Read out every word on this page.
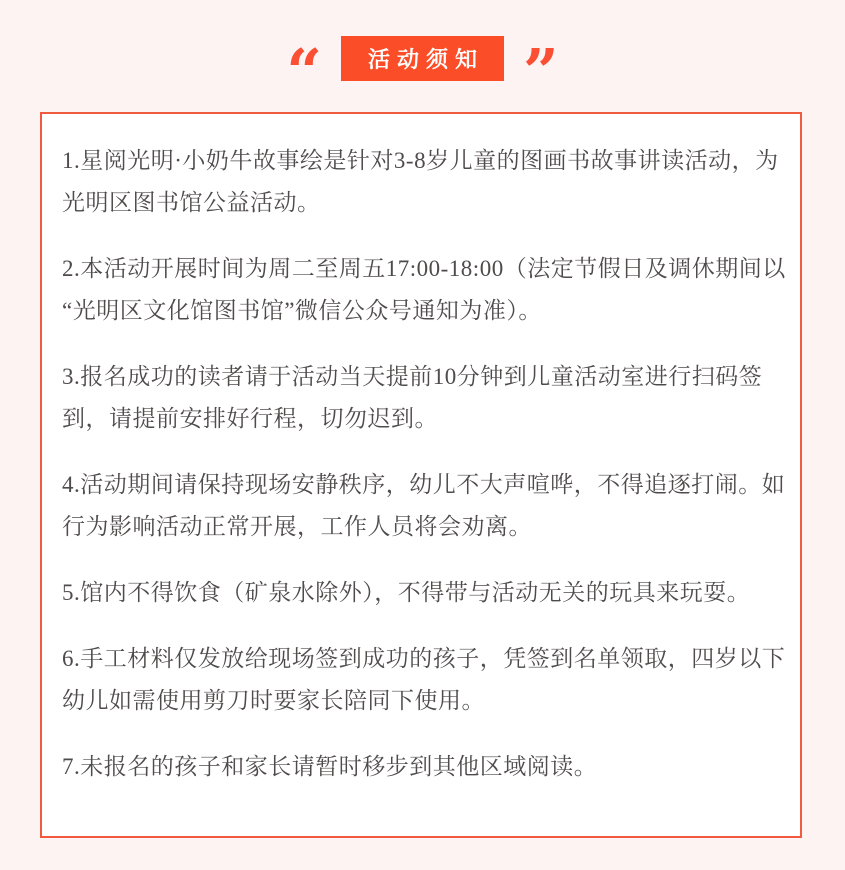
“	活动须知 ”

1.星阅光明·小奶牛故事绘是针对3-8岁儿童的图画书故事讲读活动，为光明区图书馆公益活动。

2.本活动开展时间为周二至周五17:00-18:00（法定节假日及调休期间以“光明区文化馆图书馆”微信公众号通知为准）。

3.报名成功的读者请于活动当天提前10分钟到儿童活动室进行扫码签到，请提前安排好行程，切勿迟到。

4.活动期间请保持现场安静秩序，幼儿不大声喧哗，不得追逐打闹。如行为影响活动正常开展，工作人员将会劝离。

5.馆内不得饮食（矿泉水除外），不得带与活动无关的玩具来玩耍。

6.手工材料仅发放给现场签到成功的孩子，凭签到名单领取，四岁以下幼儿如需使用剪刀时要家长陪同下使用。

7.未报名的孩子和家长请暂时移步到其他区域阅读。
